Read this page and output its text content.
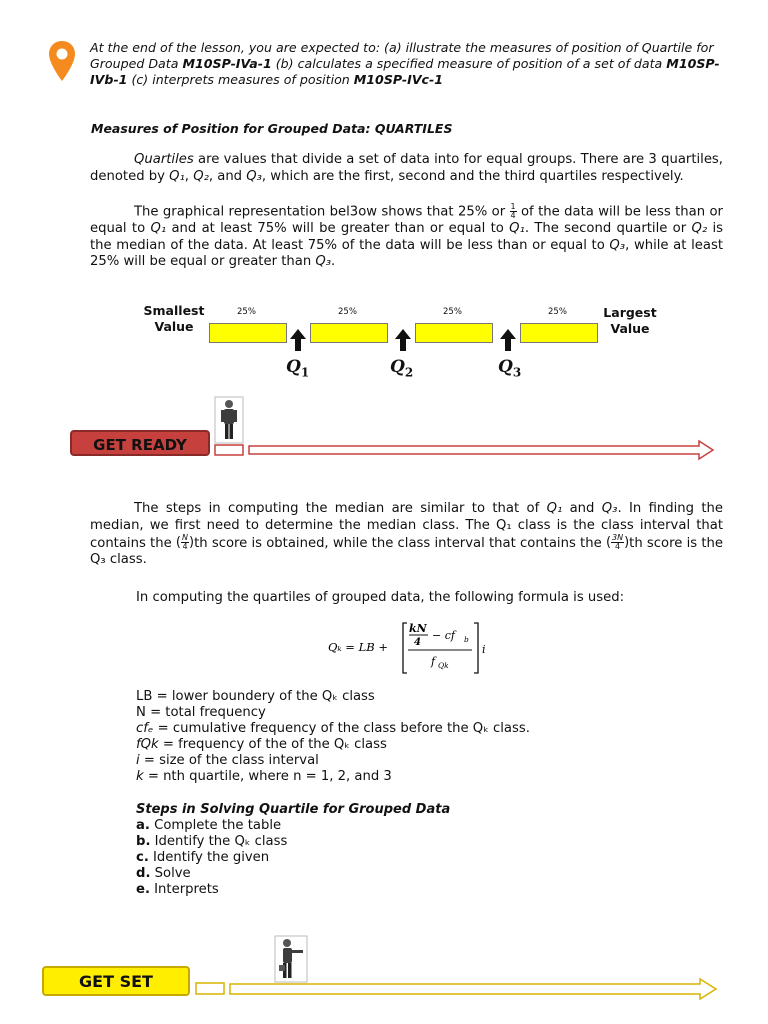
At the end of the lesson, you are expected to: (a) illustrate the measures of position of Quartile for Grouped Data M10SP-IVa-1 (b) calculates a specified measure of position of a set of data M10SP-IVb-1 (c) interprets measures of position M10SP-IVc-1
Measures of Position for Grouped Data: QUARTILES
Quartiles are values that divide a set of data into for equal groups. There are 3 quartiles, denoted by Q₁, Q₂, and Q₃, which are the first, second and the third quartiles respectively.
The graphical representation bel3ow shows that 25% or $\frac{1}{4}$ of the data will be less than or equal to Q₁ and at least 75% will be greater than or equal to Q₁. The second quartile or Q₂ is the median of the data. At least 75% of the data will be less than or equal to Q₃, while at least 25% will be equal or greater than Q₃.
Smallest
Value
Largest
Value
25%	25%	25%	25%
$Q_1$	$Q_2$	$Q_3$
GET READY
The steps in computing the median are similar to that of Q₁ and Q₃. In finding the median, we first need to determine the median class. The Q₁ class is the class interval that contains the ( $\frac{N}{4} )th$ score is obtained, while the class interval that contains the ( $\frac{3N}{4} )th$ score is the Q₃ class.
In computing the quartiles of grouped data, the following formula is used:
Qₖ = LB +
kN
4
− cf b
f Qk
i
LB = lower boundery of the Qₖ class
N = total frequency
cfₑ = cumulative frequency of the class before the Qₖ class.
fQk = frequency of the of the Qₖ class
i = size of the class interval
k = nth quartile, where n = 1, 2, and 3
Steps in Solving Quartile for Grouped Data
a. Complete the table
b. Identify the Qₖ class
c. Identify the given
d. Solve
e. Interprets
GET SET
